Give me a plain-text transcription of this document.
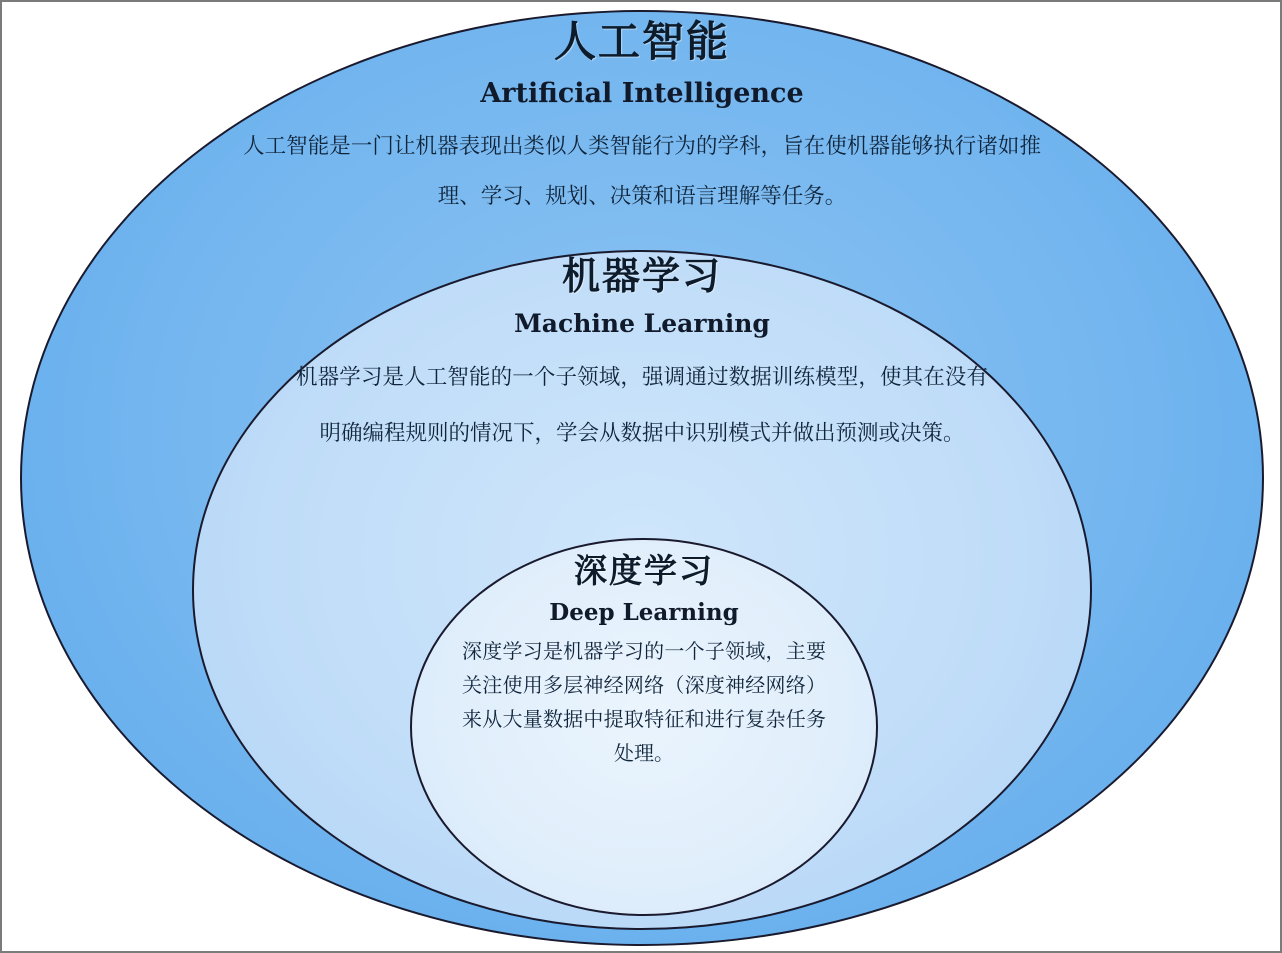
人工智能
Artificial Intelligence
人工智能是一门让机器表现出类似人类智能行为的学科，旨在使机器能够执行诸如推理、学习、规划、决策和语言理解等任务。
机器学习
Machine Learning
机器学习是人工智能的一个子领域，强调通过数据训练模型，使其在没有明确编程规则的情况下，学会从数据中识别模式并做出预测或决策。
深度学习
Deep Learning
深度学习是机器学习的一个子领域，主要关注使用多层神经网络（深度神经网络）来从大量数据中提取特征和进行复杂任务处理。
